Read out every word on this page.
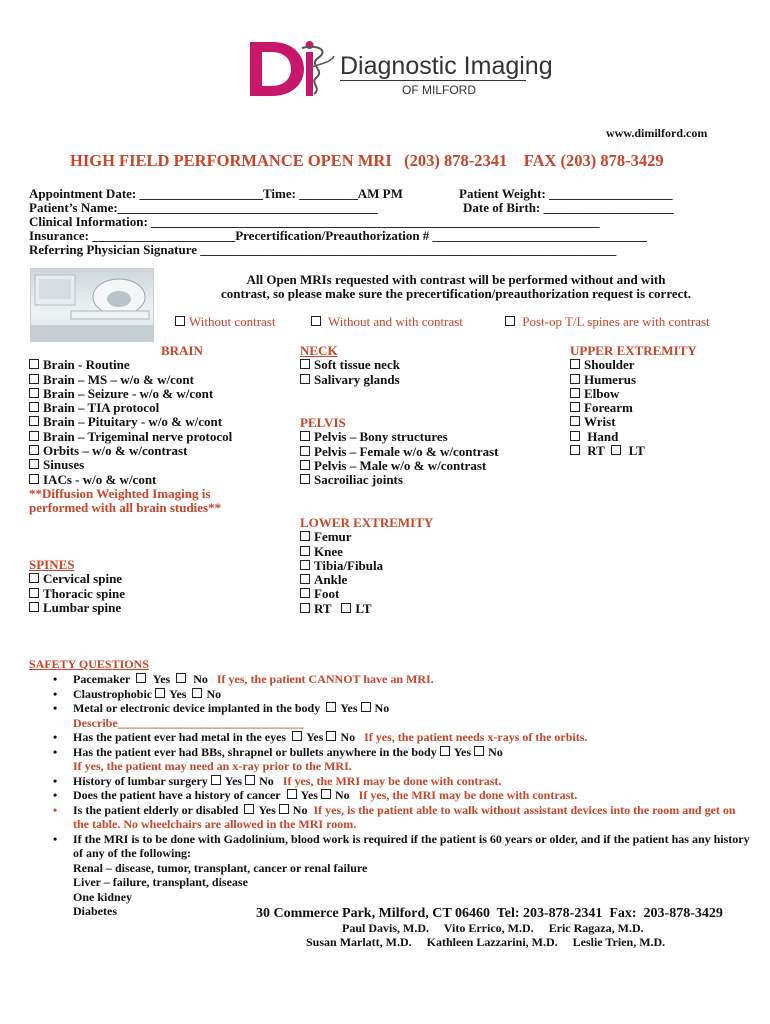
Diagnostic Imaging
OF MILFORD
www.dimilford.com
HIGH FIELD PERFORMANCE OPEN MRI   (203) 878-2341    FAX (203) 878-3429
Appointment Date: ___________________Time: _________AM PM	Patient Weight: ___________________
Patient’s Name:________________________________________	Date of Birth: ____________________
Clinical Information: _____________________________________________________________________
Insurance: ______________________Precertification/Preauthorization # _________________________________
Referring Physician Signature ________________________________________________________________
All Open MRIs requested with contrast will be performed without and with
contrast, so please make sure the precertification/preauthorization request is correct.
Without contrast	Without and with contrast	Post-op T/L spines are with contrast
BRAIN
Brain - Routine
Brain – MS – w/o & w/cont
Brain – Seizure - w/o & w/cont
Brain – TIA protocol
Brain – Pituitary - w/o & w/cont
Brain – Trigeminal nerve protocol
Orbits – w/o & w/contrast
Sinuses
IACs - w/o & w/cont
**Diffusion Weighted Imaging is
performed with all brain studies**
SPINES
Cervical spine
Thoracic spine
Lumbar spine
NECK
Soft tissue neck
Salivary glands
PELVIS
Pelvis – Bony structures
Pelvis – Female w/o & w/contrast
Pelvis – Male w/o & w/contrast
Sacroiliac joints
LOWER EXTREMITY
Femur
Knee
Tibia/Fibula
Ankle
Foot
RT LT
UPPER EXTREMITY
Shoulder
Humerus
Elbow
Forearm
Wrist
Hand
RT LT
SAFETY QUESTIONS
• Pacemaker Yes No If yes, the patient CANNOT have an MRI.
• Claustrophobic Yes No
• Metal or electronic device implanted in the body Yes No
Describe_______________________________
• Has the patient ever had metal in the eyes Yes No If yes, the patient needs x-rays of the orbits.
• Has the patient ever had BBs, shrapnel or bullets anywhere in the body Yes No
If yes, the patient may need an x-ray prior to the MRI.
• History of lumbar surgery Yes No If yes, the MRI may be done with contrast.
• Does the patient have a history of cancer Yes No If yes, the MRI may be done with contrast.
• Is the patient elderly or disabled Yes No If yes, is the patient able to walk without assistant devices into the room and get on the table. No wheelchairs are allowed in the MRI room.
• If the MRI is to be done with Gadolinium, blood work is required if the patient is 60 years or older, and if the patient has any history of any of the following:
Renal – disease, tumor, transplant, cancer or renal failure
Liver – failure, transplant, disease
One kidney
Diabetes	30 Commerce Park, Milford, CT 06460  Tel: 203-878-2341  Fax:  203-878-3429
Paul Davis, M.D.     Vito Errico, M.D.     Eric Ragaza, M.D.
Susan Marlatt, M.D.     Kathleen Lazzarini, M.D.     Leslie Trien, M.D.
